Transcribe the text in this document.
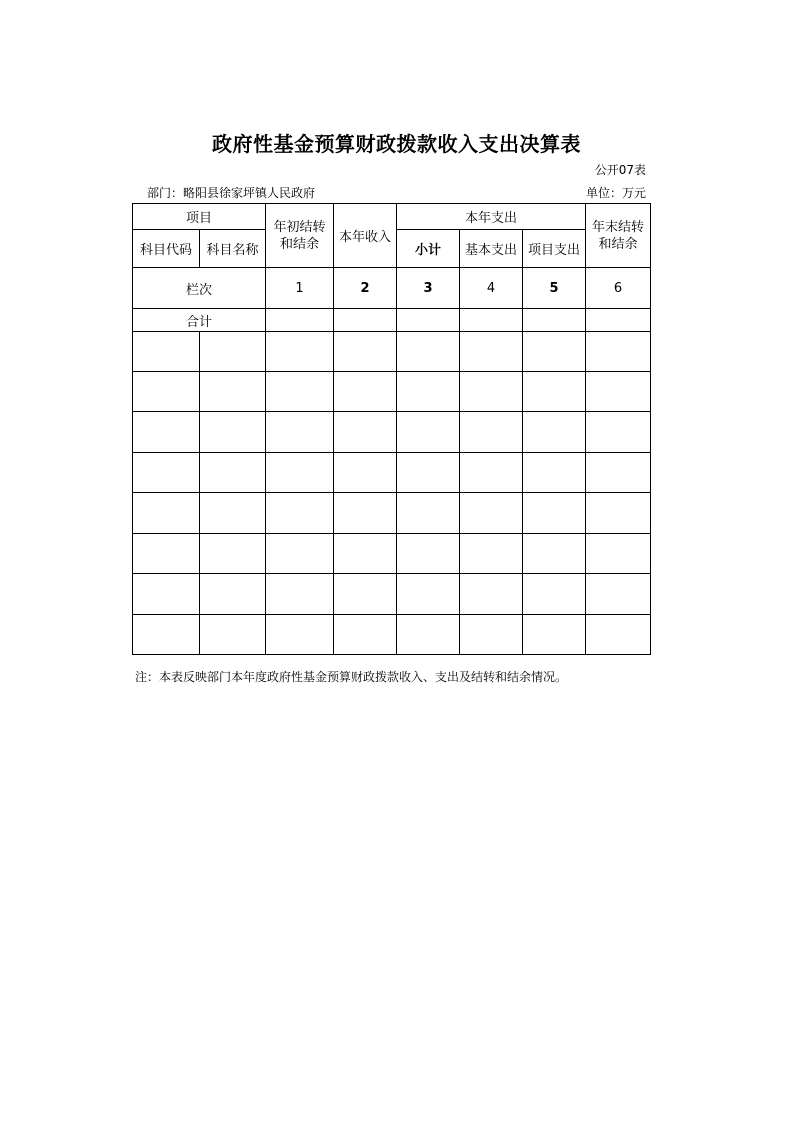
政府性基金预算财政拨款收入支出决算表
公开07表
部门：略阳县徐家坪镇人民政府	单位：万元
项目		年初结转和结余	本年收入	本年支出			年末结转和结余
科目代码	科目名称			小计	基本支出	项目支出	
栏次		1	2	3	4	5	6
合计							

注：本表反映部门本年度政府性基金预算财政拨款收入、支出及结转和结余情况。
